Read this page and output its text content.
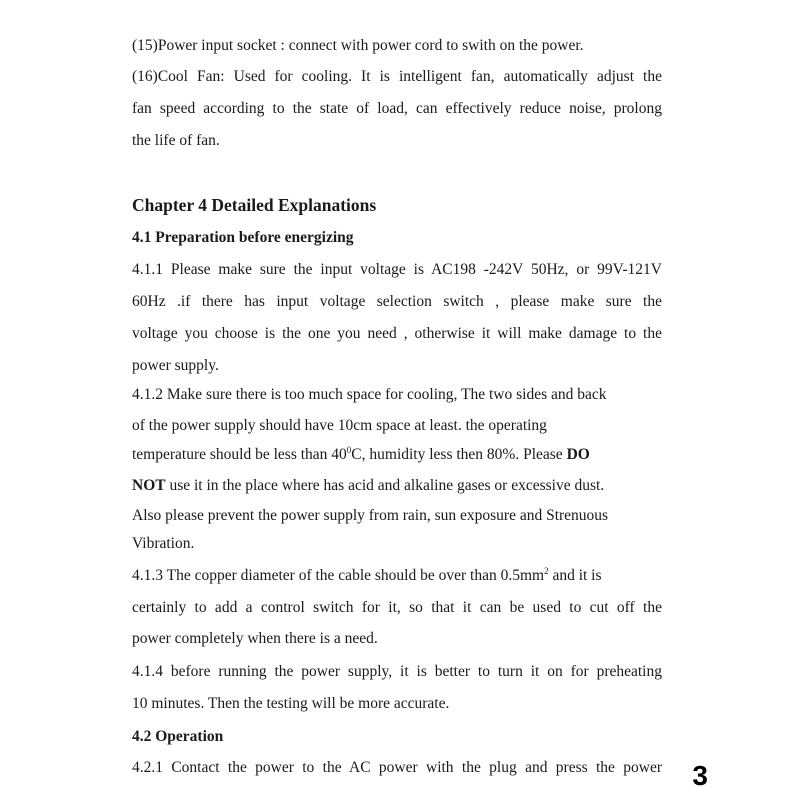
(15)Power input socket : connect with power cord to swith on the power.
(16)Cool Fan: Used for cooling. It is intelligent fan, automatically adjust the
fan speed according to the state of load, can effectively reduce noise, prolong
the life of fan.
Chapter 4 Detailed Explanations
4.1 Preparation before energizing
4.1.1 Please make sure the input voltage is AC198 -242V 50Hz, or 99V-121V
60Hz .if there has input voltage selection switch , please make sure the
voltage you choose is the one you need , otherwise it will make damage to the
power supply.
4.1.2 Make sure there is too much space for cooling, The two sides and back
of the power supply should have 10cm space at least. the operating
temperature should be less than $40^0C$, humidity less then 80%. Please DO
NOT use it in the place where has acid and alkaline gases or excessive dust.
Also please prevent the power supply from rain, sun exposure and Strenuous
Vibration.
4.1.3 The copper diameter of the cable should be over than $0.5mm^2$ and it is
certainly to add a control switch for it, so that it can be used to cut off the
power completely when there is a need.
4.1.4 before running the power supply, it is better to turn it on for preheating
10 minutes. Then the testing will be more accurate.
4.2 Operation
4.2.1 Contact the power to the AC power with the plug and press the power 3
